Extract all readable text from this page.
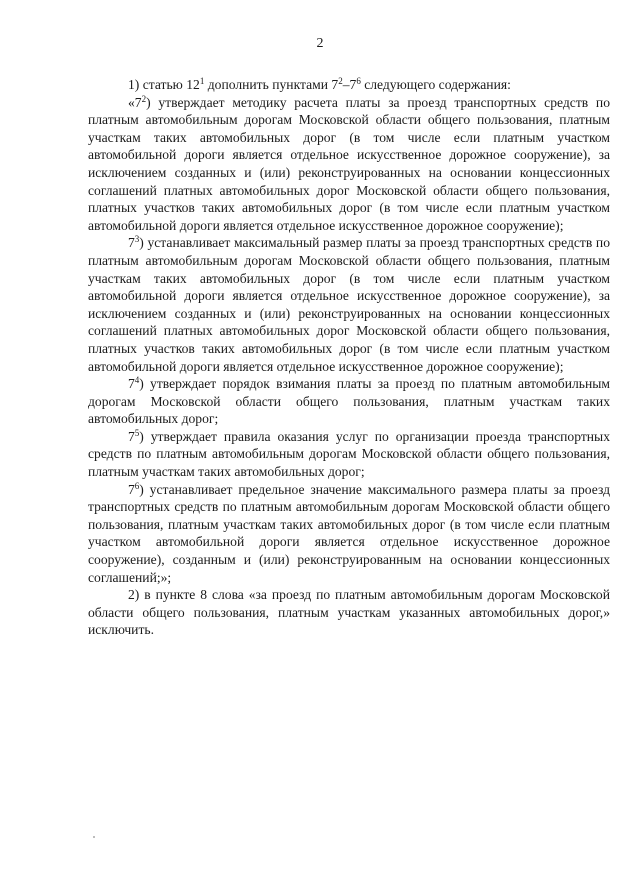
2

1) статью $12^1$ дополнить пунктами $7^2-7^6$ следующего содержания:

«$7^2$) утверждает методику расчета платы за проезд транспортных средств по платным автомобильным дорогам Московской области общего пользования, платным участкам таких автомобильных дорог (в том числе если платным участком автомобильной дороги является отдельное искусственное дорожное сооружение), за исключением созданных и (или) реконструированных на основании концессионных соглашений платных автомобильных дорог Московской области общего пользования, платных участков таких автомобильных дорог (в том числе если платным участком автомобильной дороги является отдельное искусственное дорожное сооружение);

$7^3$) устанавливает максимальный размер платы за проезд транспортных средств по платным автомобильным дорогам Московской области общего пользования, платным участкам таких автомобильных дорог (в том числе если платным участком автомобильной дороги является отдельное искусственное дорожное сооружение), за исключением созданных и (или) реконструированных на основании концессионных соглашений платных автомобильных дорог Московской области общего пользования, платных участков таких автомобильных дорог (в том числе если платным участком автомобильной дороги является отдельное искусственное дорожное сооружение);

$7^4$) утверждает порядок взимания платы за проезд по платным автомобильным дорогам Московской области общего пользования, платным участкам таких автомобильных дорог;

$7^5$) утверждает правила оказания услуг по организации проезда транспортных средств по платным автомобильным дорогам Московской области общего пользования, платным участкам таких автомобильных дорог;

$7^6$) устанавливает предельное значение максимального размера платы за проезд транспортных средств по платным автомобильным дорогам Московской области общего пользования, платным участкам таких автомобильных дорог (в том числе если платным участком автомобильной дороги является отдельное искусственное дорожное сооружение), созданным и (или) реконструированным на основании концессионных соглашений;»;

2) в пункте 8 слова «за проезд по платным автомобильным дорогам Московской области общего пользования, платным участкам указанных автомобильных дорог,» исключить.
